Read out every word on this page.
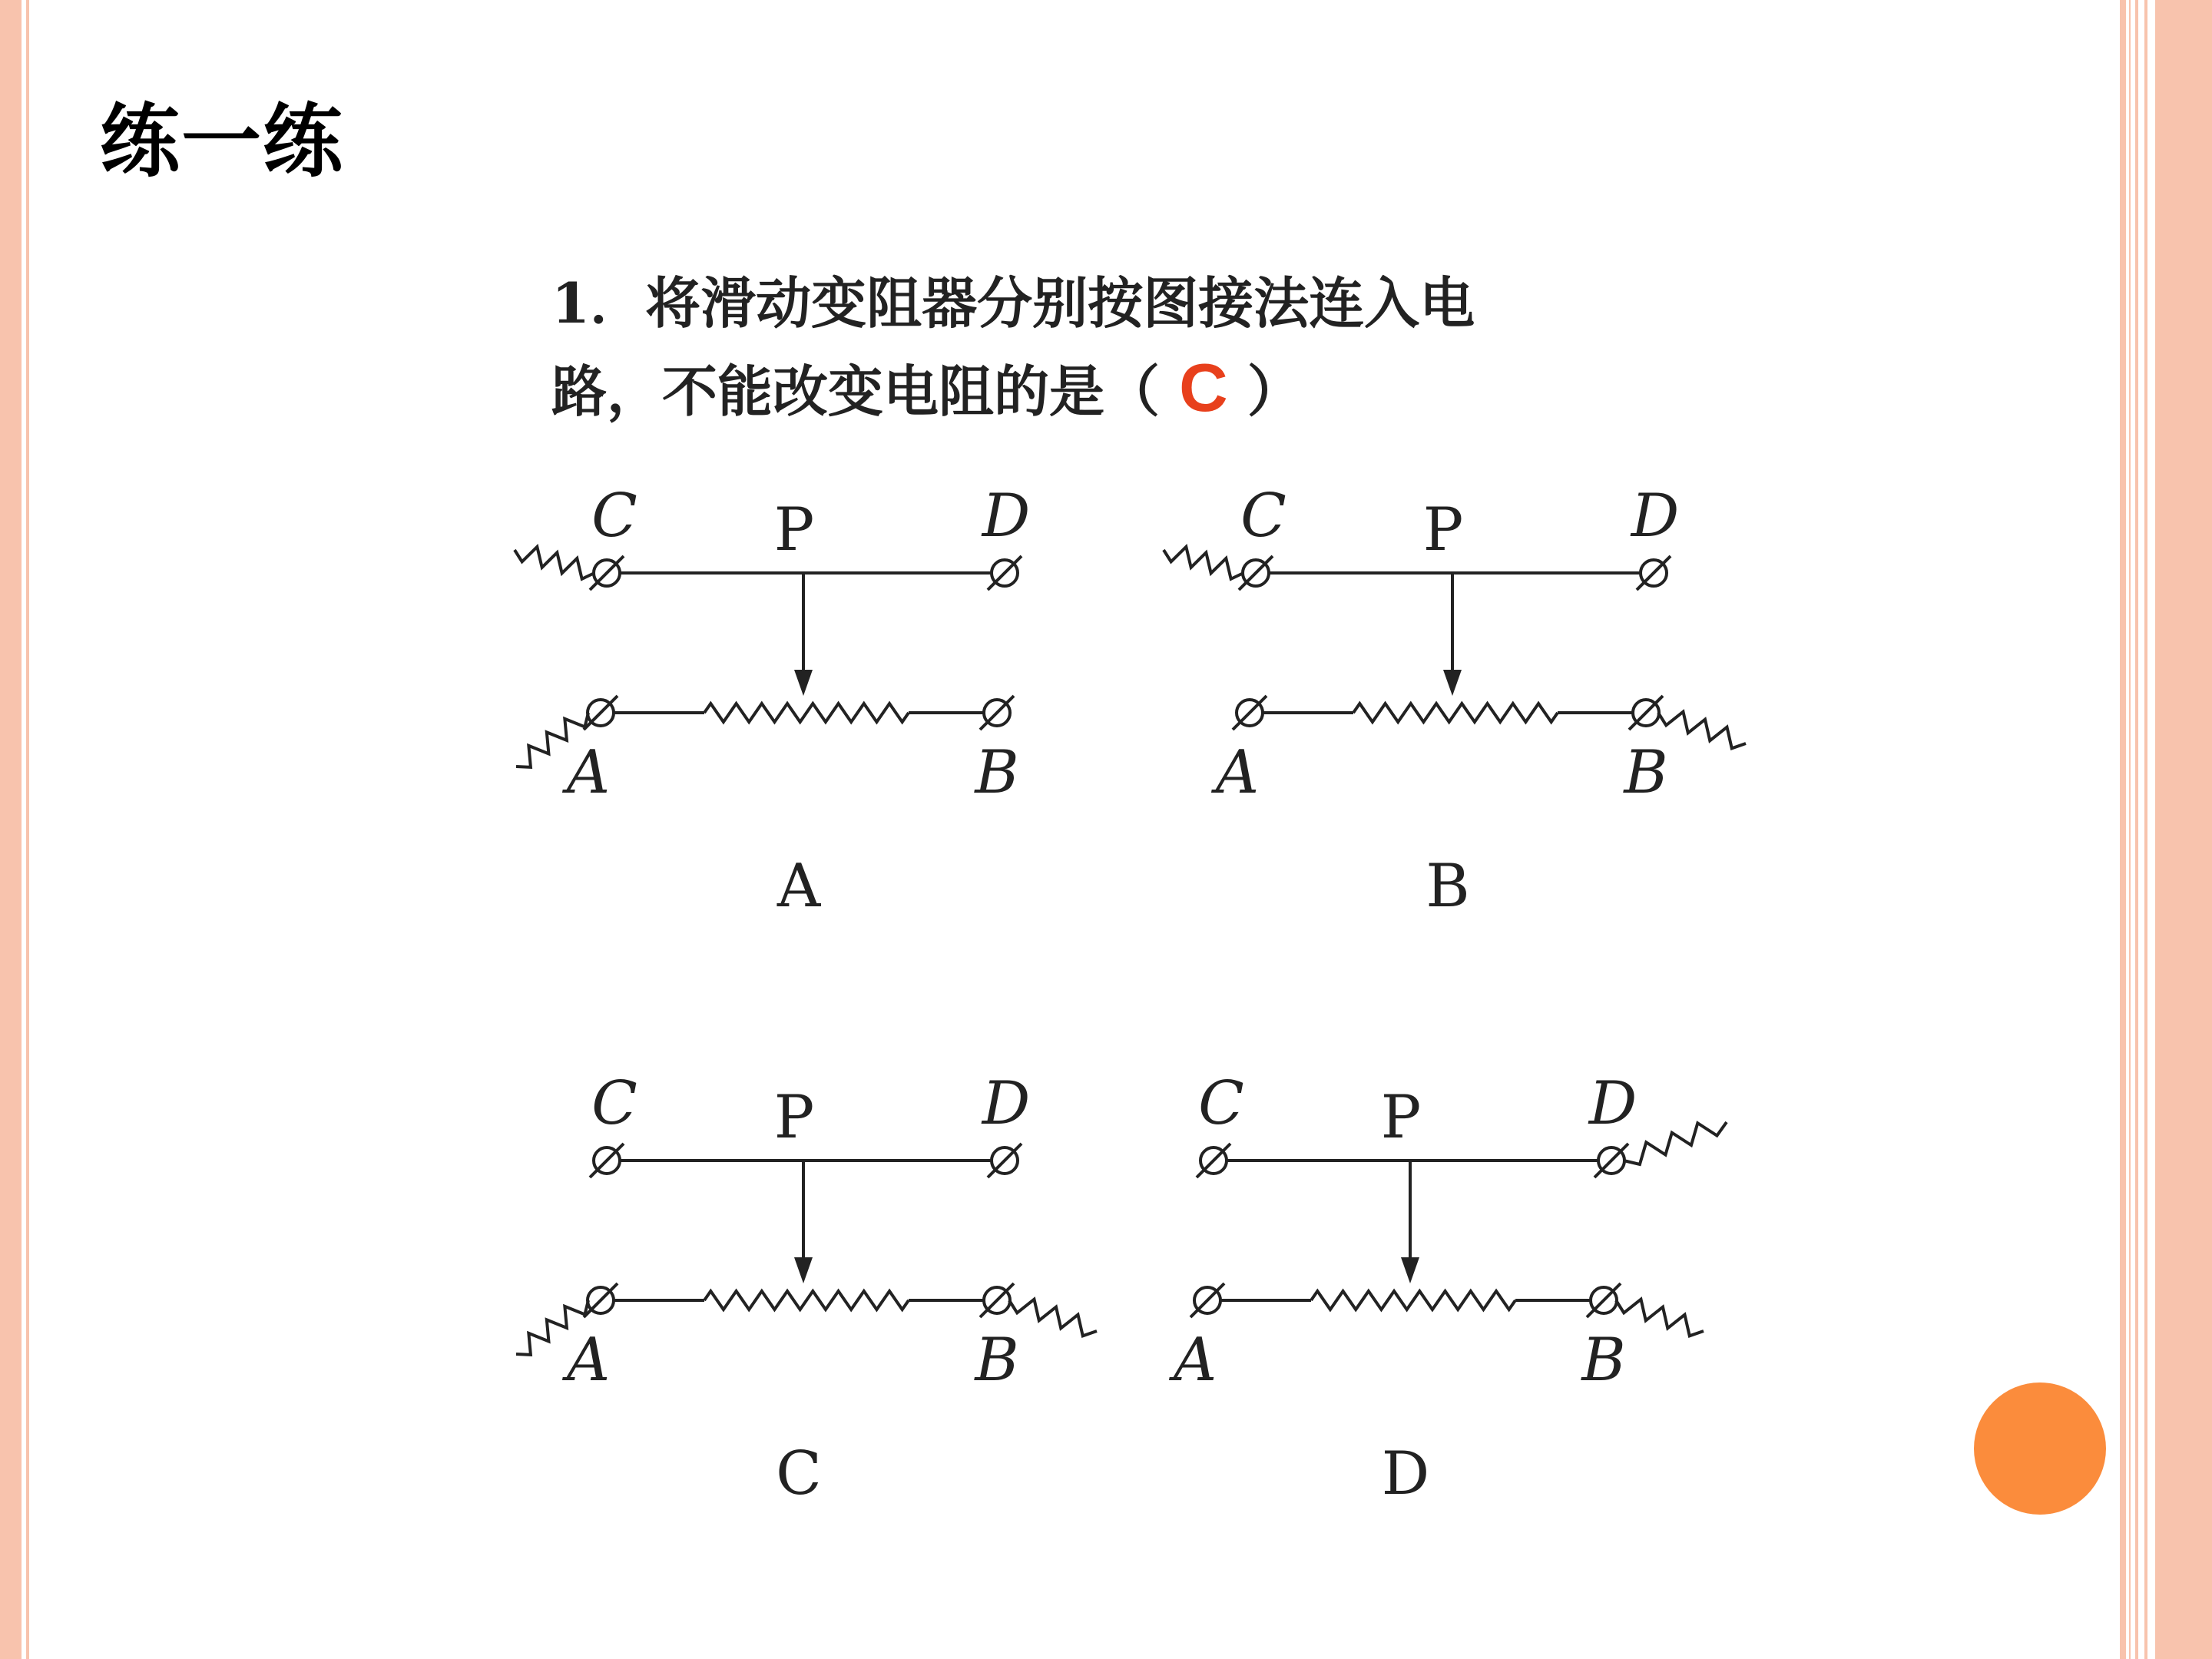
练一练
1．将滑动变阻器分别按图接法连入电
路，不能改变电阻的是（ C ）
C	D
P
A	B
A
C	D
P
A	B
B
C	D
P
A	B
C
C	D
P
A	B
D
